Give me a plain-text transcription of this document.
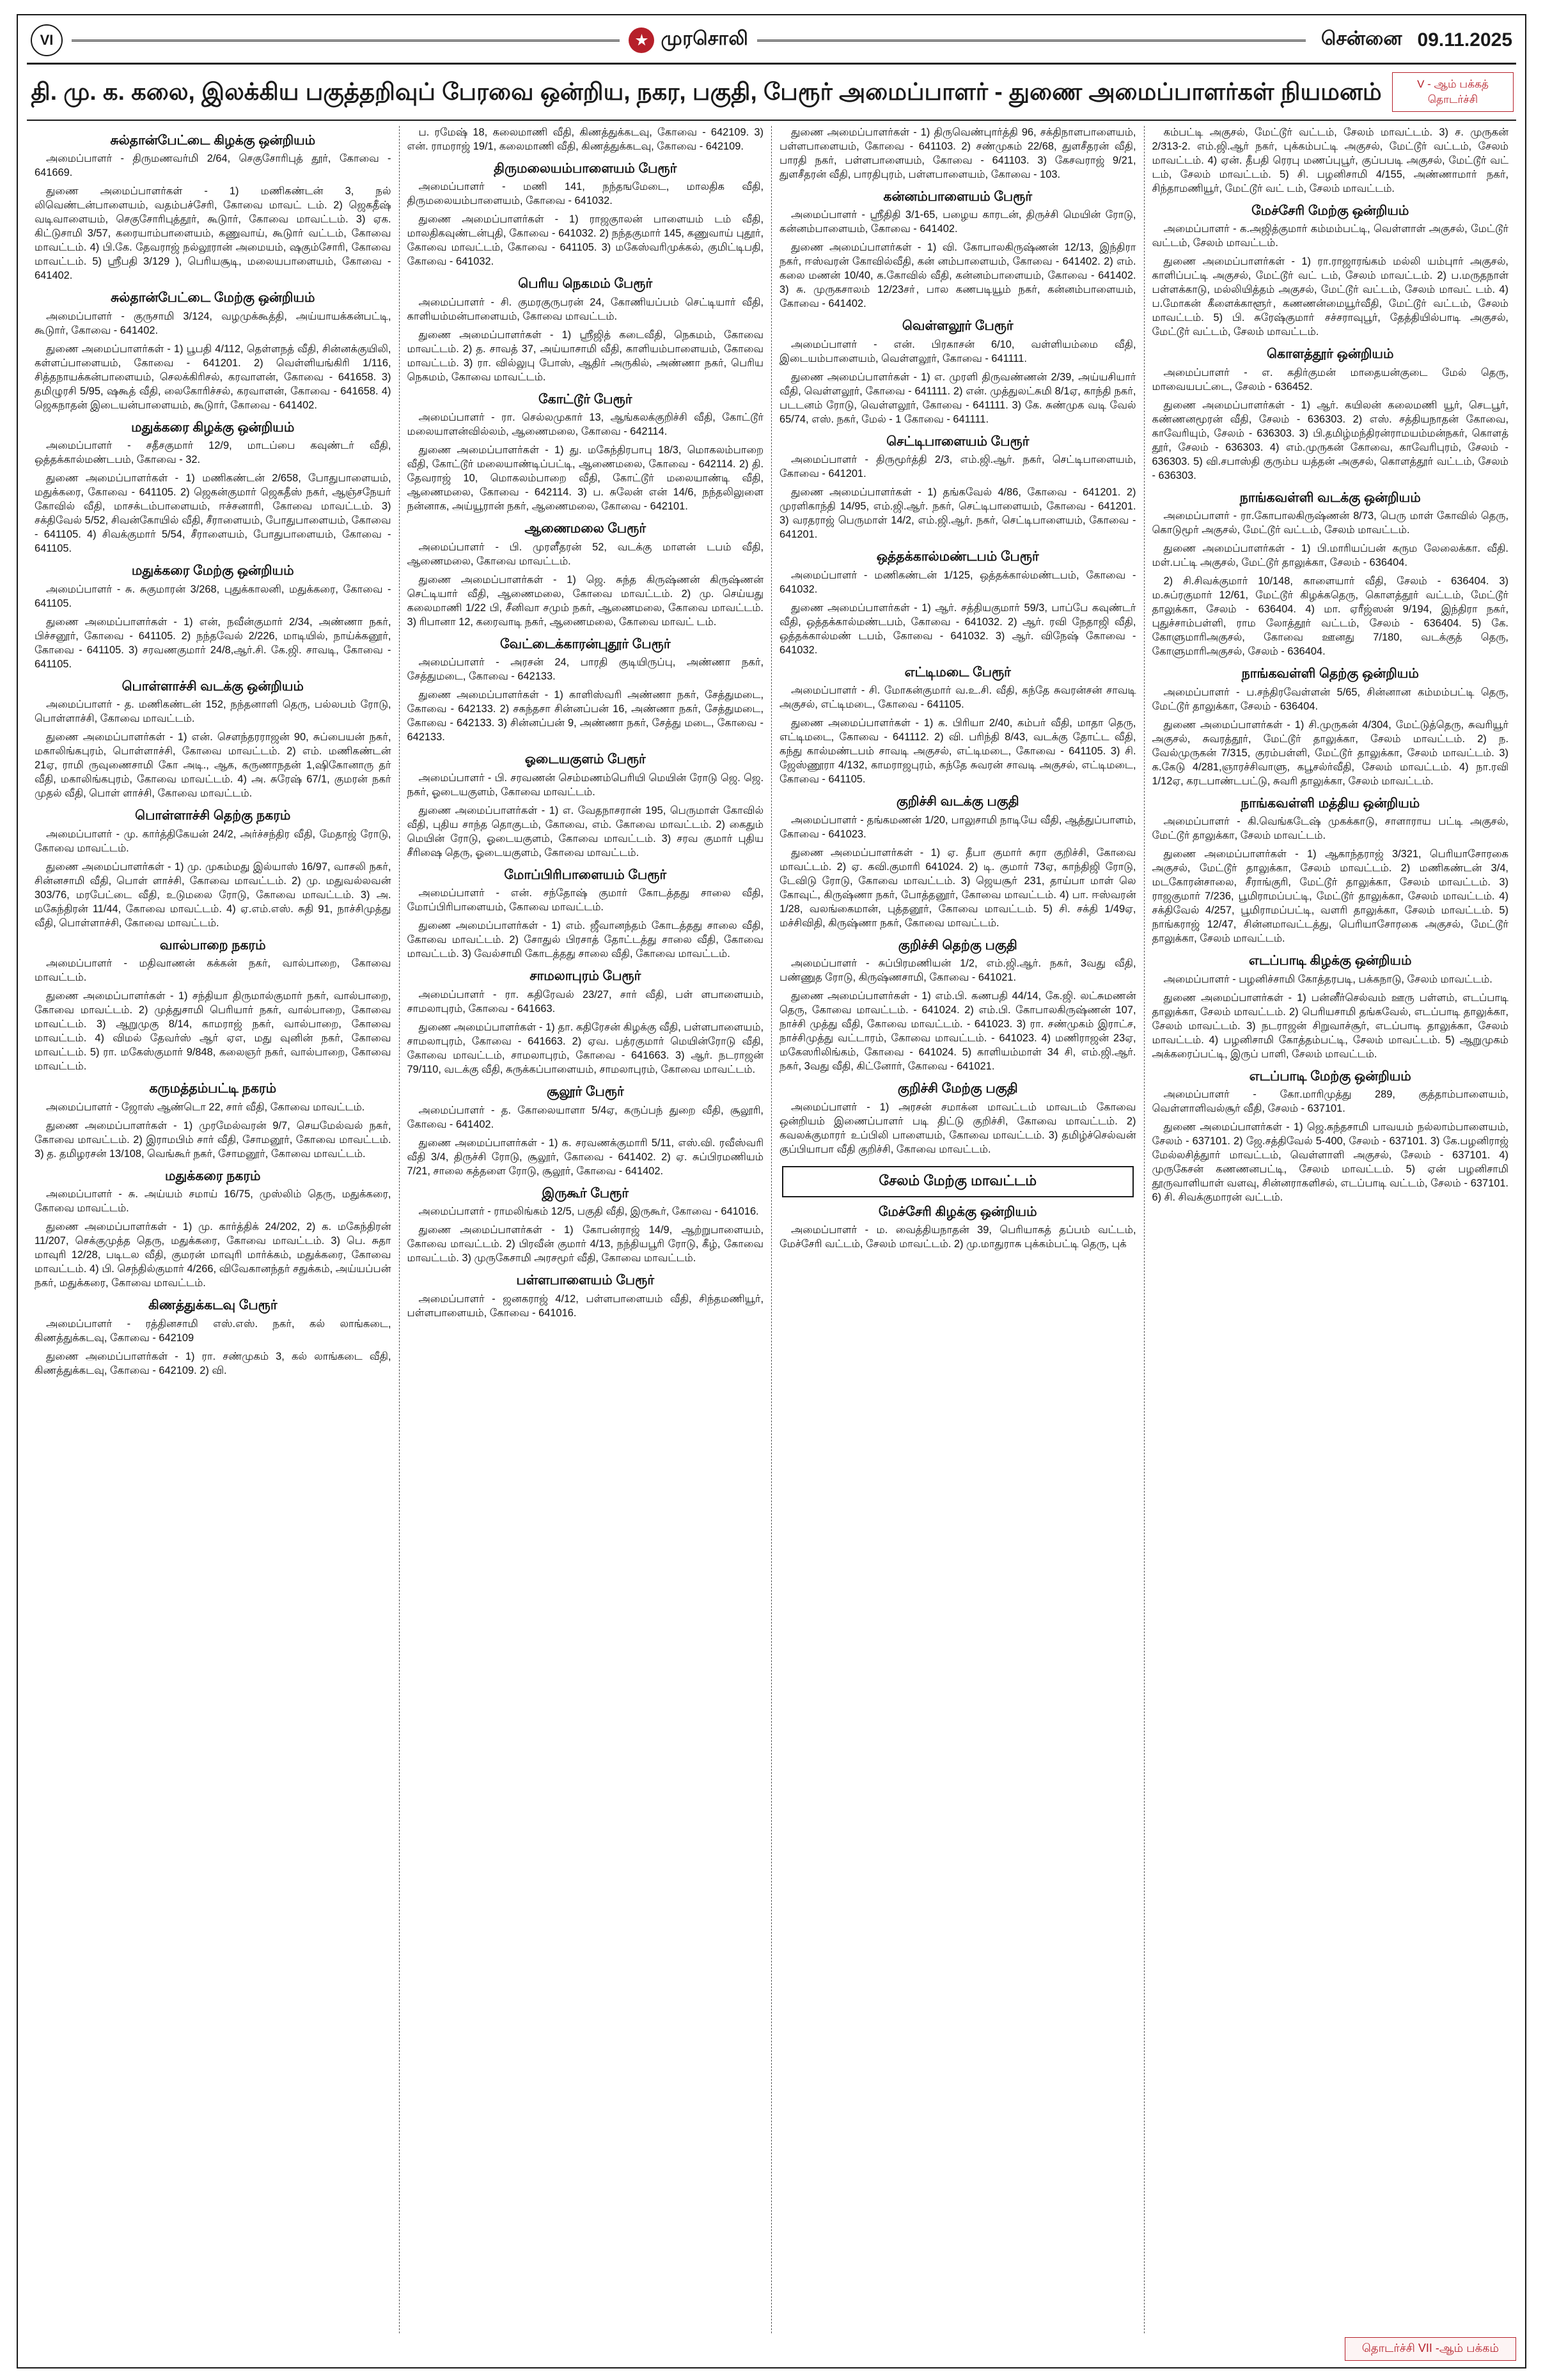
VI	முரசொலி	சென்னை 09.11.2025
தி. மு. க. கலை, இலக்கிய பகுத்தறிவுப் பேரவை ஒன்றிய, நகர, பகுதி, பேரூர் அமைப்பாளர் - துணை அமைப்பாளர்கள் நியமனம்	V - ஆம் பக்கத் தொடர்ச்சி
சுல்தான்பேட்டை கிழக்கு ஒன்றியம்

அமைப்பாளர் - திருமணவர்மி 2/64, செகுசோரிபுத் தூர், கோவை - 641669.

துணை அமைப்பாளர்கள் - 1) மணிகண்டன் 3, நல் லிவெண்டன்பாளையம், வதம்பச்சேரி, கோவை மாவட் டம். 2) ஜெகதீஷ் வடிவாளையம், செகுசோரிபுத்தூர், கூடுார், கோவை மாவட்டம். 3) ஏக. கிட்டுசாமி 3/57, கரையாம்பாளையம், கணுவாய், கூடுார் வட்டம், கோவை மாவட்டம். 4) பி.கே. தேவராஜ் நல்லூரான் அமையம், ஷகும்சோரி, கோவை மாவட்டம். 5) ஸ்ரீபதி 3/129 ), பெரியசூடி, மலையபாளையம், கோவை - 641402.

சுல்தான்பேட்டை மேற்கு ஒன்றியம்

அமைப்பாளர் - குருசாமி 3/124, வழமுக்கூத்தி, அய்யாயக்கன்பட்டி, கூடுார், கோவை - 641402.

துணை அமைப்பாளர்கள் - 1) பூபதி 4/112, தெள்ளநத் வீதி, சின்னக்குயிலி, கள்ளப்பாளையம், கோவை - 641201. 2) வெள்ளியங்கிரி 1/116, சித்தநாயக்கன்பாளையம், செலக்கிரிசல், கரவாளன், கோவை - 641658. 3) தமிழுரசி 5/95, ஷகூத் வீதி, லைகோரிச்சல், கரவாளன், கோவை - 641658. 4) ஜெகநாதன் இடையன்பாளையம், கூடுார், கோவை - 641402.

மதுக்கரை கிழக்கு ஒன்றியம்

அமைப்பாளர் - சதீசகுமார் 12/9, மாடப்பை கவுண்டர் வீதி, ஒத்தக்கால்மண்டபம், கோவை - 32.

துணை அமைப்பாளர்கள் - 1) மணிகண்டன் 2/658, போதுபாளையம், மதுக்கரை, கோவை - 641105. 2) ஜெகன்குமார் ஜெகதீஸ் நகர், ஆஞ்சநேயர் கோவில் வீதி, மாசக்டம்பாளையம், ஈச்சனாரி, கோவை மாவட்டம். 3) சக்திவேல் 5/52, சிவன்கோயில் வீதி, சீராளையம், போதுபாளையம், கோவை - 641105. 4) சிவக்குமார் 5/54, சீராளையம், போதுபாளையம், கோவை - 641105.

மதுக்கரை மேற்கு ஒன்றியம்

அமைப்பாளர் - சு. சுகுமாரன் 3/268, புதுக்காலனி, மதுக்கரை, கோவை - 641105.

துணை அமைப்பாளர்கள் - 1) என், நவீன்குமார் 2/34, அண்ணா நகர், பிச்சனூர், கோவை - 641105. 2) நந்தவேல் 2/226, மாடியில், நாய்க்கனூர், கோவை - 641105. 3) சரவணகுமார் 24/8,ஆர்.சி. கே.ஜி. சாவடி, கோவை - 641105.

பொள்ளாச்சி வடக்கு ஒன்றியம்

அமைப்பாளர் - த. மணிகண்டன் 152, நந்தனாளி தெரு, பல்லபம் ரோடு, பொள்ளாச்சி, கோவை மாவட்டம்.

துணை அமைப்பாளர்கள் - 1) என். சௌந்தரராஜன் 90, சுப்பையன் நகர், மகாலிங்கபுரம், பொள்ளாச்சி, கோவை மாவட்டம். 2) எம். மணிகண்டன் 21ஏ, ராமி ருவுணைசாமி கோ அடி., ஆக, கருணாநதன் 1,ஷிகோனாரு தர் வீதி, மகாலிங்கபுரம், கோவை மாவட்டம். 4) அ. சுரேஷ் 67/1, குமரன் நகர் முதல் வீதி, பொள் ளாச்சி, கோவை மாவட்டம்.

பொள்ளாச்சி தெற்கு நகரம்

அமைப்பாளர் - மு. கார்த்திகேயன் 24/2, அர்ச்சந்திர வீதி, மேதாஜ் ரோடு, கோவை மாவட்டம்.

துணை அமைப்பாளர்கள் - 1) மு. முகம்மது இல்யாஸ் 16/97, வாசலி நகர், சின்னசாமி வீதி, பொள் ளாச்சி, கோவை மாவட்டம். 2) மு. மதுவல்லவன் 303/76, மரபேட்டை வீதி, உடுமலை ரோடு, கோவை மாவட்டம். 3) அ. மகேந்திரன் 11/44, கோவை மாவட்டம். 4) ஏ.எம்.எஸ். சுதி 91, நாச்சிமுத்து வீதி, பொள்ளாச்சி, கோவை மாவட்டம்.

வால்பாறை நகரம்

அமைப்பாளர் - மதிவாணன் கக்கன் நகர், வால்பாறை, கோவை மாவட்டம்.

துணை அமைப்பாளர்கள் - 1) சந்தியா திருமால்குமார் நகர், வால்பாறை, கோவை மாவட்டம். 2) முத்துசாமி பெரியார் நகர், வால்பாறை, கோவை மாவட்டம். 3) ஆறுமுகு 8/14, காமராஜ் நகர், வால்பாறை, கோவை மாவட்டம். 4) விமல் தேவர்ஸ் ஆர் ஏஎ, மது வுனின் நகர், கோவை மாவட்டம். 5) ரா. மகேஸ்குமார் 9/848, கலைஞர் நகர், வால்பாறை, கோவை மாவட்டம்.

கருமத்தம்பட்டி நகரம்

அமைப்பாளர் - ஜோஸ் ஆண்டொ 22, சார் வீதி, கோவை மாவட்டம்.

துணை அமைப்பாளர்கள் - 1) முரமேல்வரன் 9/7, செயமேல்வல் நகர், கோவை மாவட்டம். 2) இராமபிம் சார் வீதி, சோமனூர், கோவை மாவட்டம். 3) த. தமிழரசன் 13/108, வெங்கூர் நகர், சோமனூர், கோவை மாவட்டம்.

மதுக்கரை நகரம்

அமைப்பாளர் - சு. அய்யம் சமாய் 16/75, முஸ்லிம் தெரு, மதுக்கரை, கோவை மாவட்டம்.

துணை அமைப்பாளர்கள் - 1) மு. கார்த்திக் 24/202, 2) க. மகேந்திரன் 11/207, செக்குமுத்த தெரு, மதுக்கரை, கோவை மாவட்டம். 3) பெ. சுதா மாவுரி 12/28, படிடல வீதி, குமரன் மாவுரி மார்க்கம், மதுக்கரை, கோவை மாவட்டம். 4) பி. செந்தில்குமார் 4/266, விவேகானந்தர் சதுக்கம், அய்யப்பன் நகர், மதுக்கரை, கோவை மாவட்டம்.

கிணத்துக்கடவு பேரூர்

அமைப்பாளர் - ரத்தினசாமி எஸ்.எஸ். நகர், கல் லாங்கடை, கிணத்துக்கடவு, கோவை - 642109

துணை அமைப்பாளர்கள் - 1) ரா. சண்முகம் 3, கல் லாங்கடை வீதி, கிணத்துக்கடவு, கோவை - 642109. 2) வி.

ப. ரமேஷ் 18, கலைமாணி வீதி, கிணத்துக்கடவு, கோவை - 642109. 3) என். ராமராஜ் 19/1, கலைமாணி வீதி, கிணத்துக்கடவு, கோவை - 642109.

திருமலையம்பாளையம் பேரூர்

அமைப்பாளர் - மணி 141, நந்தஙமேடை, மாலதிக வீதி, திருமலையம்பாளையம், கோவை - 641032.

துணை அமைப்பாளர்கள் - 1) ராஜகுாலன் பாளையம் டம் வீதி, மாலதிகவுண்டன்புதி, கோவை - 641032. 2) நந்தகுமார் 145, கணுவாய் புதூர், கோவை மாவட்டம், கோவை - 641105. 3) மகேஸ்வரிமுக்கல், குமிட்டிபதி, கோவை - 641032.

பெரிய நெகமம் பேரூர்

அமைப்பாளர் - சி. குமரகுருபரன் 24, கோணியப்பம் செட்டியார் வீதி, காளியம்மன்பாளையம், கோவை மாவட்டம்.

துணை அமைப்பாளர்கள் - 1) ஸ்ரீஜித் கடைவீதி, நெகமம், கோவை மாவட்டம். 2) த. சாவத் 37, அய்யாசாமி வீதி, காளியம்பாளையம், கோவை மாவட்டம். 3) ரா. வில்லுபு போஸ், ஆதிர் அருகில், அண்ணா நகர், பெரிய நெகமம், கோவை மாவட்டம்.

கோட்டூர் பேரூர்

அமைப்பாளர் - ரா. செல்லமுகார் 13, ஆங்கலக்குறிச்சி வீதி, கோட்டூர் மலையாளன்வில்லம், ஆணைமலை, கோவை - 642114.

துணை அமைப்பாளர்கள் - 1) து. மகேந்திரபாபு 18/3, மொகலம்பாறை வீதி, கோட்டூர் மலையாண்டிப்பட்டி, ஆணைமலை, கோவை - 642114. 2) தி. தேவராஜ் 10, மொகலம்பாறை வீதி, கோட்டூர் மலையாண்டி வீதி, ஆணைமலை, கோவை - 642114. 3) ப. சுலேன் என் 14/6, நந்தலிலுளை நன்னாக, அய்யூரான் நகர், ஆணைமலை, கோவை - 642101.

ஆணைமலை பேரூர்

அமைப்பாளர் - பி. முரளீதரன் 52, வடக்கு மாளன் டபம் வீதி, ஆணைமலை, கோவை மாவட்டம்.

துணை அமைப்பாளர்கள் - 1) ஜெ. சுந்த கிருஷ்ணன் கிருஷ்ணன் செட்டியாா் வீதி, ஆணைமலை, கோவை மாவட்டம். 2) மு. செய்யது கலைமாணி 1/22 பி, சீனிவா சமும் நகர், ஆணைமலை, கோவை மாவட்டம். 3) ரிபானா 12, கரைவாடி நகர், ஆணைமலை, கோவை மாவட் டம்.

வேட்டைக்காரன்புதூர் பேரூர்

அமைப்பாளர் - அரசன் 24, பாரதி குடியிருப்பு, அண்ணா நகர், சேத்துமடை, கோவை - 642133.

துணை அமைப்பாளர்கள் - 1) காளிஸ்வரி அண்ணா நகர், சேத்துமடை, கோவை - 642133. 2) சகந்தசா சின்னப்பன் 16, அண்ணா நகர், சேத்துமடை, கோவை - 642133. 3) சின்னப்பன் 9, அண்ணா நகர், சேத்து மடை, கோவை - 642133.

ஓடையகுளம் பேரூர்

அமைப்பாளர் - பி. சரவணன் செம்மணம்பெரியி மெயின் ரோடு ஜெ. ஜெ. நகர், ஓடையகுளம், கோவை மாவட்டம்.

துணை அமைப்பாளர்கள் - 1) எ. வேதநாசரான் 195, பெருமாள் கோவில் வீதி, புதிய சாந்த தொகுடம், கோவை, எம். கோவை மாவட்டம். 2) கைதும் மெயின் ரோடு, ஓடையகுளம், கோவை மாவட்டம். 3) சரவ குமார் புதிய சீரிஷை தெரு, ஓடையகுளம், கோவை மாவட்டம்.

மோப்பிரிபாளையம் பேரூர்

அமைப்பாளர் - என். சந்தோஷ் குமார் கோடத்தது சாலை வீதி, மோப்பிரிபாளையம், கோவை மாவட்டம்.

துணை அமைப்பாளர்கள் - 1) எம். ஜீவானந்தம் கோடத்தது சாலை வீதி, கோவை மாவட்டம். 2) சோதுல் பிரசாத் தோட்டத்து சாலை வீதி, கோவை மாவட்டம். 3) வேல்சாமி கோடத்தது சாலை வீதி, கோவை மாவட்டம்.

சாமலாபுரம் பேரூர்

அமைப்பாளர் - ரா. கதிரேவல் 23/27, சார் வீதி, பள் ளபாளையம், சாமலாபுரம், கோவை - 641663.

துணை அமைப்பாளர்கள் - 1) தா. கதிரேசன் கிழக்கு வீதி, பள்ளபாளையம், சாமலாபுரம், கோவை - 641663. 2) ஏவ. பத்ரகுமார் மெயின்ரோடு வீதி, கோவை மாவட்டம், சாமலாபுரம், கோவை - 641663. 3) ஆர். நடராஜன் 79/110, வடக்கு வீதி, சுருக்கப்பாளையம், சாமலாபுரம், கோவை மாவட்டம்.

சூலூர் பேரூர்

அமைப்பாளர் - த. கோலையாளா 5/4ஏ, கருப்பந் துறை வீதி, சூலூரி, கோவை - 641402.

துணை அமைப்பாளர்கள் - 1) க. சரவணக்குமாரி 5/11, எஸ்.வி. ரவீஸ்வரி வீதி 3/4, திருச்சி ரோடு, சூலூர், கோவை - 641402. 2) ஏ. சுப்பிரமணியம் 7/21, சாலை கத்தளை ரோடு, சூலூர், கோவை - 641402.

இருகூர் பேரூர்

அமைப்பாளர் - ராமலிங்கம் 12/5, பகுதி வீதி, இருகூர், கோவை - 641016.

துணை அமைப்பாளர்கள் - 1) கோபன்ராஜ் 14/9, ஆற்றுபாளையம், கோவை மாவட்டம். 2) பிரவீன் குமார் 4/13, நந்தியபூரி ரோடு, கீழ், கோவை மாவட்டம். 3) முருகேசாமி அரசமூர் வீதி, கோவை மாவட்டம்.

பள்ளபாளையம் பேரூர்

அமைப்பாளர் - ஜனகராஜ் 4/12, பள்ளபாளையம் வீதி, சிந்தமணியூர், பள்ளபாளையம், கோவை - 641016.

துணை அமைப்பாளர்கள் - 1) திருவெண்புார்த்தி 96, சக்திநாளபாளையம், பள்ளபாளையம், கோவை - 641103. 2) சண்முகம் 22/68, துளசீதரன் வீதி, பாரதி நகர், பள்ளபாளையம், கோவை - 641103. 3) கேசவராஜ் 9/21, துளசீதரன் வீதி, பாரதிபுரம், பள்ளபாளையம், கோவை - 103.

கன்னம்பாளையம் பேரூர்

அமைப்பாளர் - ஸ்ரீதிதி 3/1-65, பழைய காரடன், திருச்சி மெயின் ரோடு, கன்னம்பாளையம், கோவை - 641402.

துணை அமைப்பாளர்கள் - 1) வி. கோபாலகிருஷ்ணன் 12/13, இந்திரா நகர், ஈஸ்வரன் கோவில்வீதி, கன் னம்பாளையம், கோவை - 641402. 2) எம். கலை மணன் 10/40, க.கோவில் வீதி, கன்னம்பாளையம், கோவை - 641402. 3) சு. முருகசாலம் 12/23சா், பால கணபடியூம் நகர், கன்னம்பாளையம், கோவை - 641402.

வெள்ளலூர் பேரூர்

அமைப்பாளர் - என். பிரகாசன் 6/10, வள்ளியம்மை வீதி, இடையம்பாளையம், வெள்ளலூர், கோவை - 641111.

துணை அமைப்பாளர்கள் - 1) எ. முரளி திருவண்ணன் 2/39, அய்யசியார் வீதி, வெள்ளலூர், கோவை - 641111. 2) என். முத்துலட்சுமி 8/1ஏ, காந்தி நகர், படடனம் ரோடு, வெள்ளலூர், கோவை - 641111. 3) கே. சுண்முக வடி வேல் 65/74, எஸ். நகர், மேல் - 1 கோவை - 641111.

செட்டிபாளையம் பேரூர்

அமைப்பாளர் - திருமூர்த்தி 2/3, எம்.ஜி.ஆர். நகர், செட்டிபாளையம், கோவை - 641201.

துணை அமைப்பாளர்கள் - 1) தங்கவேல் 4/86, கோவை - 641201. 2) முரளிகாந்தி 14/95, எம்.ஜி.ஆர். நகர், செட்டிபாளையம், கோவை - 641201. 3) வரதராஜ் பெருமாள் 14/2, எம்.ஜி.ஆர். நகர், செட்டிபாளையம், கோவை - 641201.

ஒத்தக்கால்மண்டபம் பேரூர்

அமைப்பாளர் - மணிகண்டன் 1/125, ஒத்தக்கால்மண்டபம், கோவை - 641032.

துணை அமைப்பாளர்கள் - 1) ஆர். சத்தியகுமார் 59/3, பாப்பே கவுண்டர் வீதி, ஒத்தக்கால்மண்டபம், கோவை - 641032. 2) ஆர். ரவி நேதாஜி வீதி, ஒத்தக்கால்மண் டபம், கோவை - 641032. 3) ஆர். விநேஷ் கோவை - 641032.

எட்டிமடை பேரூர்

அமைப்பாளர் - சி. மோகன்குமார் வ.உ.சி. வீதி, கந்தே சுவரன்சன் சாவடி அகுசல், எட்டிமடை, கோவை - 641105.

துணை அமைப்பாளர்கள் - 1) க. பிரியா 2/40, கம்பர் வீதி, மாதா தெரு, எட்டிமடை, கோவை - 641112. 2) வி. பரிந்தி 8/43, வடக்கு தோட்ட வீதி, கந்து கால்மண்டபம் சாவடி அகுசல், எட்டிமடை, கோவை - 641105. 3) சி. ஜேஸ்ணூரா 4/132, காமராஜபுரம், கந்தே சுவரன் சாவடி அகுசல், எட்டிமடை, கோவை - 641105.

குறிச்சி வடக்கு பகுதி

அமைப்பாளர் - தங்கமணன் 1/20, பாலுசாமி நாடியே வீதி, ஆத்துப்பாளம், கோவை - 641023.

துணை அமைப்பாளர்கள் - 1) ஏ. தீபா குமார் சுரா குறிச்சி, கோவை மாவட்டம். 2) ஏ. கவி.குமாரி 641024. 2) டி. குமார் 73ஏ, காந்திஜி ரோடு, டேவிடு ரோடு, கோவை மாவட்டம். 3) ஜெயசூா் 231, தாய்பா மாள் லெ கோவுட், கிருஷ்ணா நகர், போத்தனூர், கோவை மாவட்டம். 4) பா. ஈஸ்வரன் 1/28, வலங்கைமான், புத்தனூர், கோவை மாவட்டம். 5) சி. சக்தி 1/49ஏ, மச்சிவிதி, கிருஷ்ணா நகர், கோவை மாவட்டம்.

குறிச்சி தெற்கு பகுதி

அமைப்பாளர் - சுப்பிரமணியன் 1/2, எம்.ஜி.ஆர். நகர், 3வது வீதி, பண்ணுத ரோடு, கிருஷ்ணசாமி, கோவை - 641021.

துணை அமைப்பாளர்கள் - 1) எம்.பி. கணபதி 44/14, கே.ஜி. லட்சுமணன் தெரு, கோவை மாவட்டம். - 641024. 2) எம்.பி. கோபாலகிருஷ்ணன் 107, நாச்சி முத்து வீதி, கோவை மாவட்டம். - 641023. 3) ரா. சண்முகம் இராட்ச, நாச்சிமுத்து வட்டாரம், கோவை மாவட்டம். - 641023. 4) மணிராஜன் 23ஏ, மகேஸரிலிங்கம், கோவை - 641024. 5) காளியம்மாள் 34 சி, எம்.ஜி.ஆர். நகர், 3வது வீதி, கிட்னோர், கோவை - 641021.

குறிச்சி மேற்கு பகுதி

அமைப்பாளர் - 1) அரசன் சமாக்ன மாவட்டம் மாவடம் கோவை ஒன்றியம் இணைப்பாளர் படி திட்டு குறிச்சி, கோவை மாவட்டம். 2) கவலக்குமாரா் உப்பிலி பாளையம், கோவை மாவட்டம். 3) தமிழ்ச்செல்வன் குப்பியாபா வீதி குறிச்சி, கோவை மாவட்டம்.

சேலம் மேற்கு மாவட்டம்
மேச்சேரி கிழக்கு ஒன்றியம்

அமைப்பாளர் - ம. வைத்தியநாதன் 39, பெரியாகத் தப்பம் வட்டம், மேச்சேரி வட்டம், சேலம் மாவட்டம். 2) மு.மாதுராசு புக்கம்பட்டி தெரு, புக்

கம்பட்டி அகுசல், மேட்டூர் வட்டம், சேலம் மாவட்டம். 3) ச. முருகன் 2/313-2. எம்.ஜி.ஆர் நகர், புக்கம்பட்டி அகுசல், மேட்டூர் வட்டம், சேலம் மாவட்டம். 4) ஏன். தீபதி ரெரபு மணப்புபூர், குப்பபடி அகுசல், மேட்டூர் வட் டம், சேலம் மாவட்டம். 5) சி. பழனிசாமி 4/155, அண்ணாமாா் நகர், சிந்தாமணியூர், மேட்டூர் வட் டம், சேலம் மாவட்டம்.

மேச்சேரி மேற்கு ஒன்றியம்

அமைப்பாளர் - க.அஜித்குமார் கம்மம்பட்டி, வெள்ளாள் அகுசல், மேட்டூர் வட்டம், சேலம் மாவட்டம்.

துணை அமைப்பாளர்கள் - 1) ரா.ராஜாரங்கம் மல்லி யம்புார் அகுசல், காளிப்பட்டி அகுசல், மேட்டூர் வட் டம், சேலம் மாவட்டம். 2) ப.மருதநாள் பள்ளக்காடு, மல்லியித்தம் அகுசல், மேட்டூர் வட்டம், சேலம் மாவட் டம். 4) ப.மோகன் கீளைக்காளூா், கணணன்மையூர்வீதி, மேட்டூர் வட்டம், சேலம் மாவட்டம். 5) பி. சுரேஷ்குமாா் சச்சராவுபூர், தேத்தியில்பாடி அகுசல், மேட்டூர் வட்டம், சேலம் மாவட்டம்.

கொளத்தூர் ஒன்றியம்

அமைப்பாளர் - எ. கதிர்குமன் மாதையன்குடை மேல் தெரு, மாவையபட்டை, சேலம் - 636452.

துணை அமைப்பாளர்கள் - 1) ஆர். கயிலன் கலைமணி யூர், செடபூர், கண்ணனமூரன் வீதி, சேலம் - 636303. 2) எஸ். சத்தியநாதன் கோவை, காவேரியும், சேலம் - 636303. 3) பி.தமிழ்மந்திரன்ராமயம்மன்நகர், கொளத் தூர், சேலம் - 636303. 4) எம்.முருகன் கோவை, காவேரிபுரம், சேலம் - 636303. 5) வி.சபாஸ்தி குரும்ப யத்தன் அகுசல், கொளத்தூர் வட்டம், சேலம் - 636303.

நாங்கவள்ளி வடக்கு ஒன்றியம்

அமைப்பாளர் - ரா.கோபாலகிருஷ்ணன் 8/73, பெரு மாள் கோவில் தெரு, கொடுமூர் அகுசல், மேட்டூர் வட்டம், சேலம் மாவட்டம்.

துணை அமைப்பாளர்கள் - 1) பி.மாரியப்பன் கரும லேலைக்கா. வீதி. மள்.பட்டி அகுசல், மேட்டூர் தாலுக்கா, சேலம் - 636404.

2) சி.சிவக்குமார் 10/148, காளையார் வீதி, சேலம் - 636404. 3) ம.சுப்ரகுமார் 12/61, மேட்டூர் கிழக்கதெரு, கொளத்தூர் வட்டம், மேட்டூர் தாலுக்கா, சேலம் - 636404. 4) மா. ஏரீஜ்ஸன் 9/194, இந்திரா நகர், புதுச்சாம்பள்ளி, ராம லோத்தூர் வட்டம், சேலம் - 636404. 5) கே. கோளுமாரிஅகுசல், கோவை ஊனது 7/180, வடக்குத் தெரு, கோளுமாரிஅகுசல், சேலம் - 636404.

நாங்கவள்ளி தெற்கு ஒன்றியம்

அமைப்பாளர் - ப.சந்திரவேள்ளன் 5/65, சின்னான கம்மம்பட்டி தெரு, மேட்டூர் தாலுக்கா, சேலம் - 636404.

துணை அமைப்பாளர்கள் - 1) சி.முருகன் 4/304, மேட்டுத்தெரு, சுவரியூர் அகுசல், சுவரத்தூர், மேட்டூர் தாலுக்கா, சேலம் மாவட்டம். 2) ந. வேல்முருகன் 7/315, குரம்பள்ளி, மேட்டூர் தாலுக்கா, சேலம் மாவட்டம். 3) க.கேடு 4/281,ஞாரச்சிவாளு, கபூசல்ர்வீதி, சேலம் மாவட்டம். 4) நா.ரவி 1/12ஏ, கரடபாண்டபட்டு, சுவரி தாலுக்கா, சேலம் மாவட்டம்.

நாங்கவள்ளி மத்திய ஒன்றியம்

அமைப்பாளர் - கி.வெங்கடேஷ் முகக்காடு, சாளாராய பட்டி அகுசல், மேட்டூர் தாலுக்கா, சேலம் மாவட்டம்.

துணை அமைப்பாளர்கள் - 1) ஆகாந்தராஜ் 3/321, பெரியாசோரகை அகுசல், மேட்டூர் தாலுக்கா, சேலம் மாவட்டம். 2) மணிகண்டன் 3/4, மடகோரன்சாலை, சீராங்குரி, மேட்டூர் தாலுக்கா, சேலம் மாவட்டம். 3) ராஜகுமார் 7/236, பூமிராமப்பட்டி, மேட்டூர் தாலுக்கா, சேலம் மாவட்டம். 4) சக்திவேல் 4/257, பூமிராமப்பட்டி, வளரி தாலுக்கா, சேலம் மாவட்டம். 5) நாங்கராஜ் 12/47, சின்னமாவட்டத்து, பெரியாசோரகை அகுசல், மேட்டூர் தாலுக்கா, சேலம் மாவட்டம்.

எடப்பாடி கிழக்கு ஒன்றியம்

அமைப்பாளர் - பழனிச்சாமி கோத்தரபடி, பக்கநாடு, சேலம் மாவட்டம்.

துணை அமைப்பாளர்கள் - 1) பன்னீர்செல்வம் ஊரு பள்ளம், எடப்பாடி தாலுக்கா, சேலம் மாவட்டம். 2) பெரியசாமி தங்கவேல், எடப்பாடி தாலுக்கா, சேலம் மாவட்டம். 3) நடராஜன் சிறுவாச்சூர், எடப்பாடி தாலுக்கா, சேலம் மாவட்டம். 4) பழனிசாமி கோத்தம்பட்டி, சேலம் மாவட்டம். 5) ஆறுமுகம் அக்கரைப்பட்டி, இருப் பாளி, சேலம் மாவட்டம்.

எடப்பாடி மேற்கு ஒன்றியம்

அமைப்பாளர் - கோ.மாரிமுத்து 289, குத்தாம்பாளையம், வெள்ளாளிவல்சூர் வீதி, சேலம் - 637101.

துணை அமைப்பாளர்கள் - 1) ஜெ.கந்தசாமி பாவயம் நல்லாம்பாளையம், சேலம் - 637101. 2) ஜே.சத்திவேல் 5-400, சேலம் - 637101. 3) கே.பழனிராஜ் மேல்லசித்துார் மாவட்டம், வெள்ளாளி அகுசல், சேலம் - 637101. 4) முருகேசன் கணணனபட்டி, சேலம் மாவட்டம். 5) ஏன் பழனிசாமி தூருவாளியாள் வளவு, சின்னராகளிசல், எடப்பாடி வட்டம், சேலம் - 637101. 6) சி. சிவக்குமாரன் வட்டம்.

தொடர்ச்சி VII -ஆம் பக்கம்
